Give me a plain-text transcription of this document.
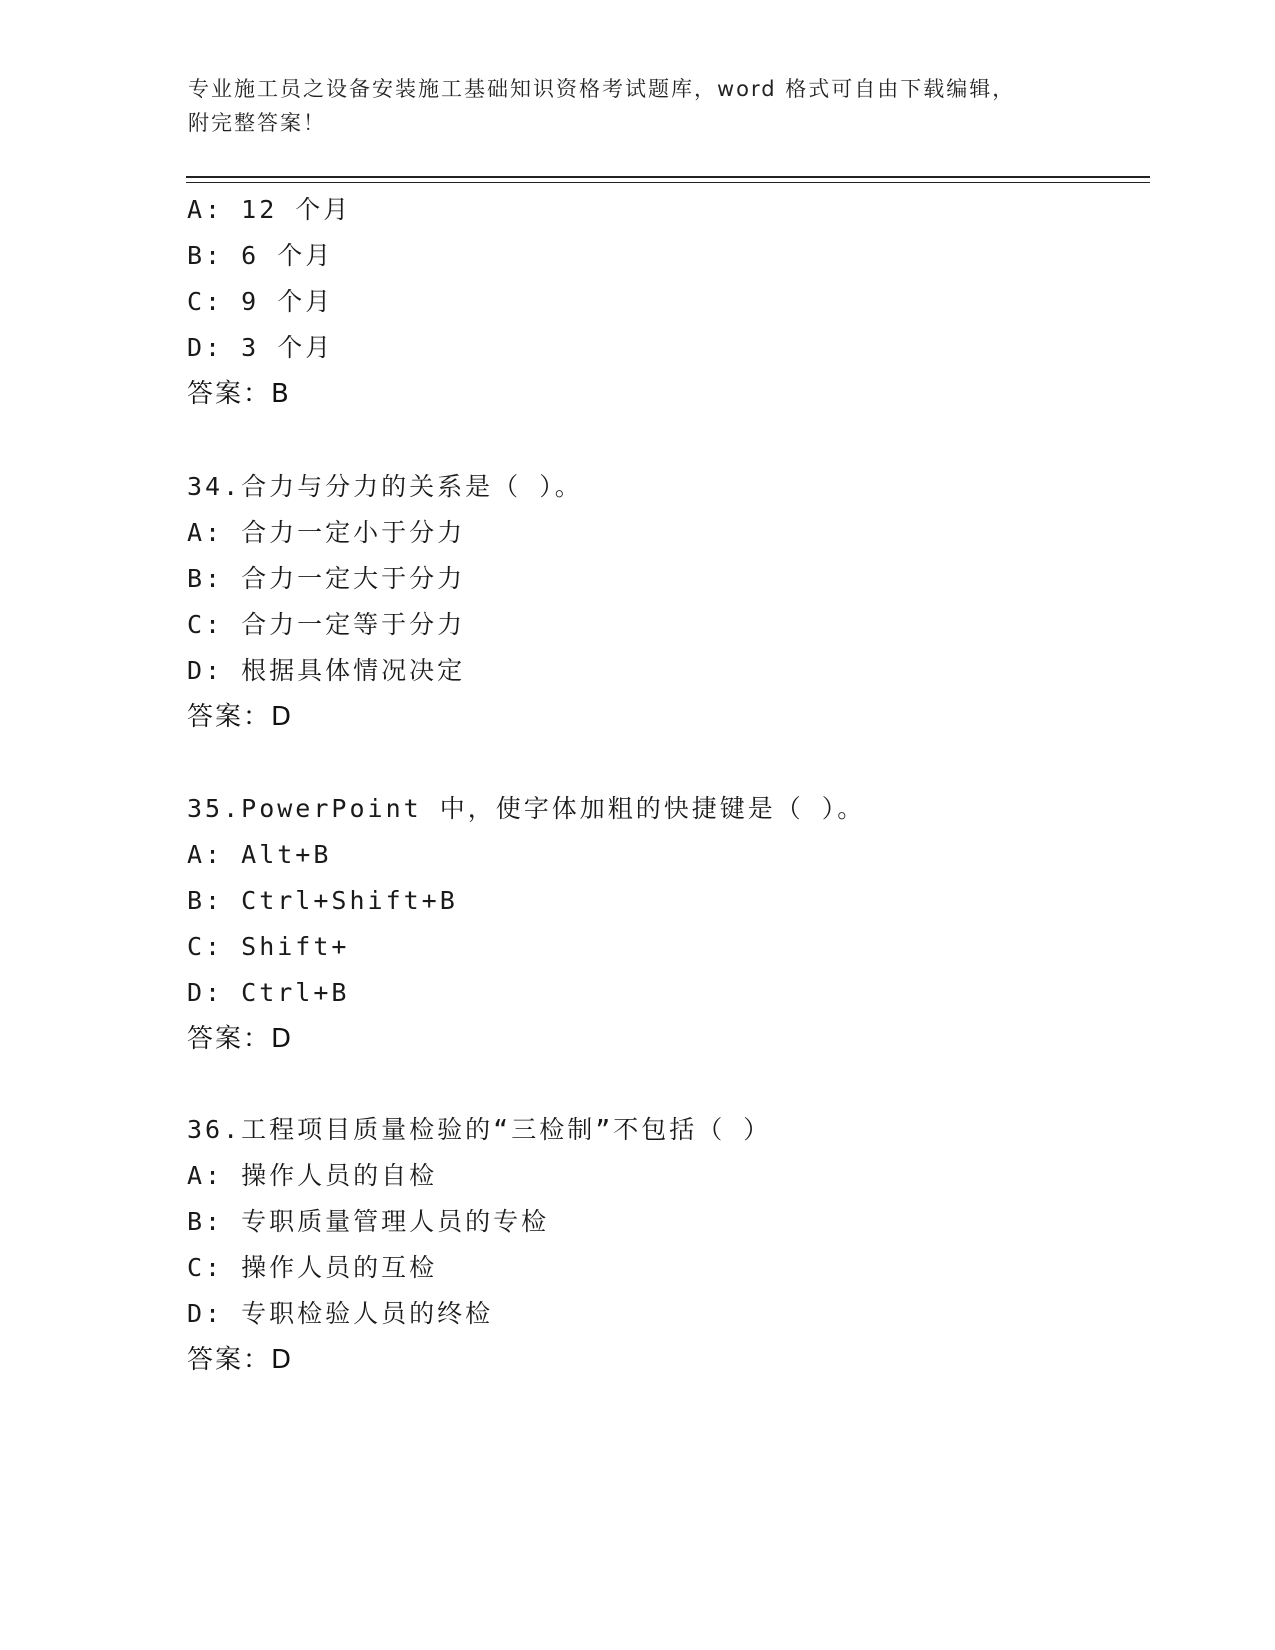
专业施工员之设备安装施工基础知识资格考试题库，word 格式可自由下载编辑，
附完整答案！
A: 12 个月
B: 6 个月
C: 9 个月
D: 3 个月
答案：B
34.合力与分力的关系是（ ）。
A: 合力一定小于分力
B: 合力一定大于分力
C: 合力一定等于分力
D: 根据具体情况决定
答案：D
35.PowerPoint 中，使字体加粗的快捷键是（ ）。
A: Alt+B
B: Ctrl+Shift+B
C: Shift+
D: Ctrl+B
答案：D
36.工程项目质量检验的“三检制”不包括（ ）
A: 操作人员的自检
B: 专职质量管理人员的专检
C: 操作人员的互检
D: 专职检验人员的终检
答案：D
